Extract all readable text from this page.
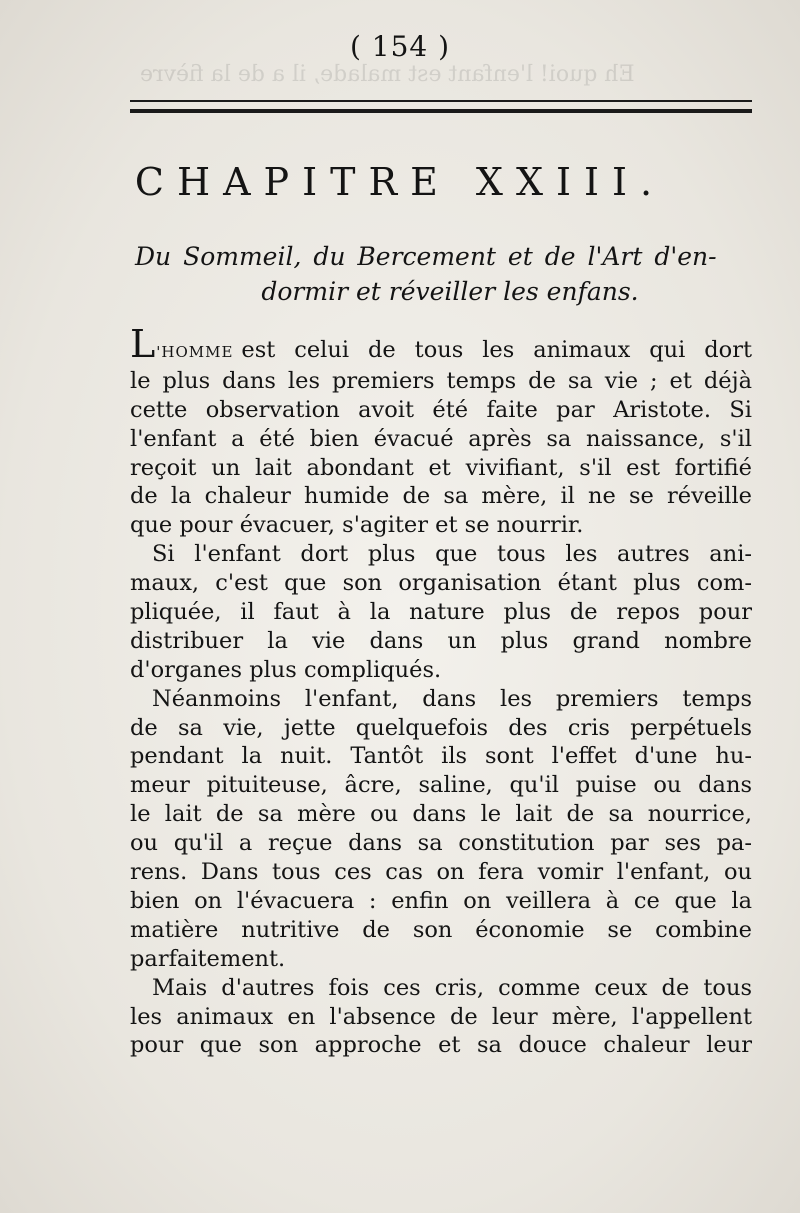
Eh quoi! l'enfant est malade, il a de la fièvre
( 154 )
CHAPITRE XXIII.
Du Sommeil, du Bercement et de l'Art d'en-
dormir et réveiller les enfans.
L 'HOMME est celui de tous les animaux qui dort
le plus dans les premiers temps de sa vie ; et déjà
cette observation avoit été faite par Aristote. Si
l'enfant a été bien évacué après sa naissance, s'il
reçoit un lait abondant et vivifiant, s'il est fortifié
de la chaleur humide de sa mère, il ne se réveille
que pour évacuer, s'agiter et se nourrir.
Si l'enfant dort plus que tous les autres ani-
maux, c'est que son organisation étant plus com-
pliquée, il faut à la nature plus de repos pour
distribuer la vie dans un plus grand nombre
d'organes plus compliqués.
Néanmoins l'enfant, dans les premiers temps
de sa vie, jette quelquefois des cris perpétuels
pendant la nuit. Tantôt ils sont l'effet d'une hu-
meur pituiteuse, âcre, saline, qu'il puise ou dans
le lait de sa mère ou dans le lait de sa nourrice,
ou qu'il a reçue dans sa constitution par ses pa-
rens. Dans tous ces cas on fera vomir l'enfant, ou
bien on l'évacuera : enfin on veillera à ce que la
matière nutritive de son économie se combine
parfaitement.
Mais d'autres fois ces cris, comme ceux de tous
les animaux en l'absence de leur mère, l'appellent
pour que son approche et sa douce chaleur leur
